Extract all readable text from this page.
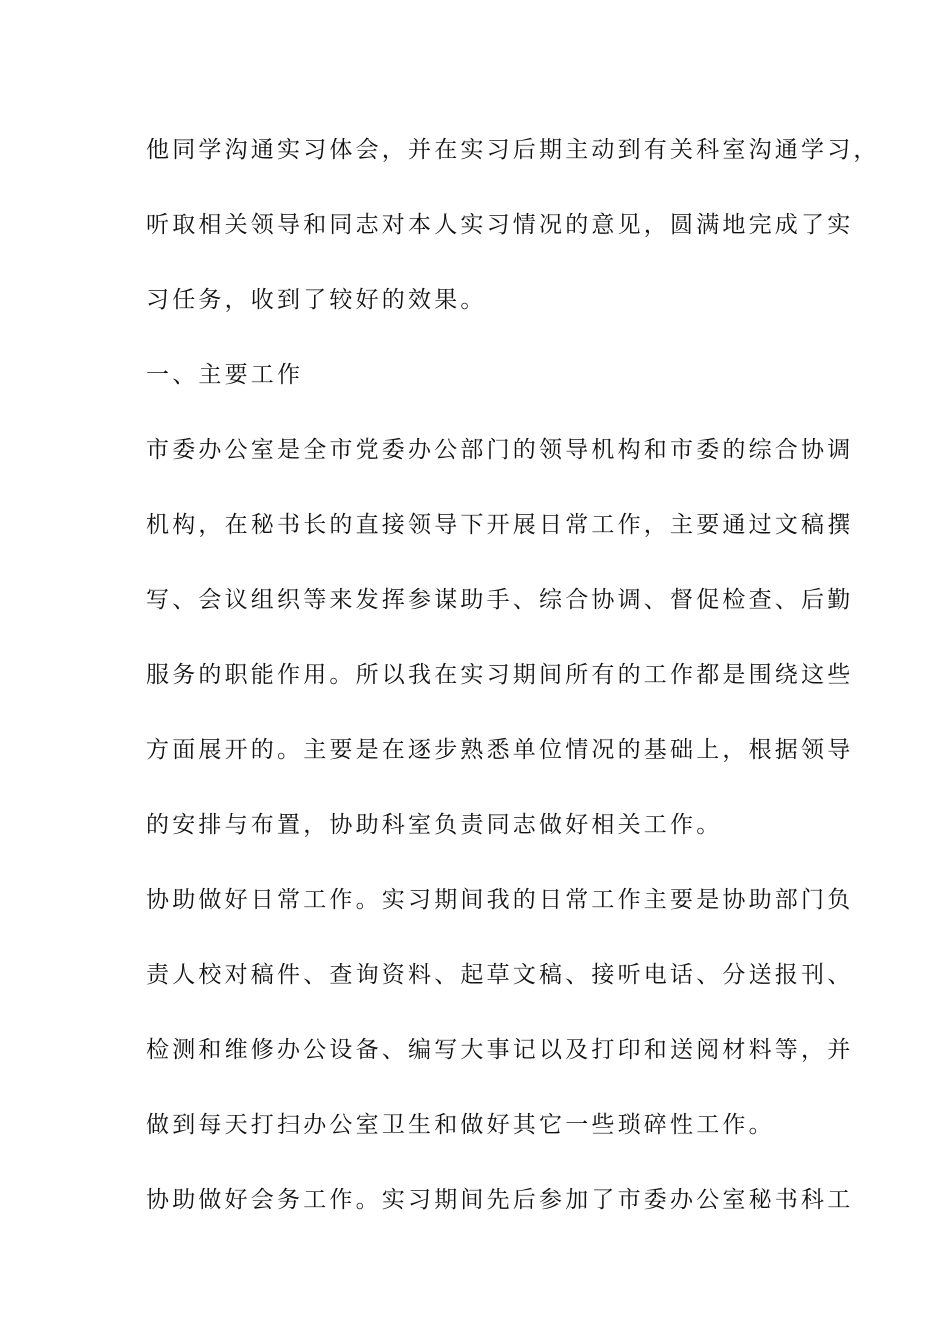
他同学沟通实习体会，并在实习后期主动到有关科室沟通学习，
听取相关领导和同志对本人实习情况的意见，圆满地完成了实
习任务，收到了较好的效果。
一、主要工作
市委办公室是全市党委办公部门的领导机构和市委的综合协调
机构，在秘书长的直接领导下开展日常工作，主要通过文稿撰
写、会议组织等来发挥参谋助手、综合协调、督促检查、后勤
服务的职能作用。所以我在实习期间所有的工作都是围绕这些
方面展开的。主要是在逐步熟悉单位情况的基础上，根据领导
的安排与布置，协助科室负责同志做好相关工作。
协助做好日常工作。实习期间我的日常工作主要是协助部门负
责人校对稿件、查询资料、起草文稿、接听电话、分送报刊、
检测和维修办公设备、编写大事记以及打印和送阅材料等，并
做到每天打扫办公室卫生和做好其它一些琐碎性工作。
协助做好会务工作。实习期间先后参加了市委办公室秘书科工
